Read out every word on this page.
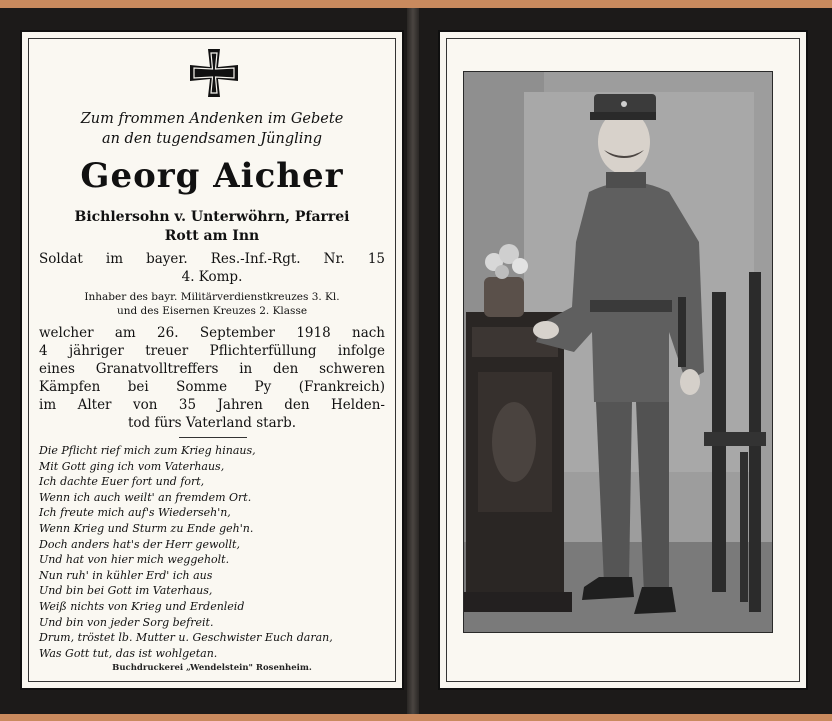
Zum frommen Andenken im Gebete
an den tugendsamen Jüngling
Georg Aicher
Bichlersohn v. Unterwöhrn, Pfarrei
Rott am Inn
Soldat im bayer. Res.-Inf.-Rgt. Nr. 15
4. Komp.
Inhaber des bayr. Militärverdienstkreuzes 3. Kl.
und des Eisernen Kreuzes 2. Klasse
welcher am 26. September 1918 nach
4 jähriger treuer Pflichterfüllung infolge
eines Granatvolltreffers in den schweren
Kämpfen bei Somme Py (Frankreich)
im Alter von 35 Jahren den Helden-
tod fürs Vaterland starb.
Die Pflicht rief mich zum Krieg hinaus,
Mit Gott ging ich vom Vaterhaus,
Ich dachte Euer fort und fort,
Wenn ich auch weilt' an fremdem Ort.
Ich freute mich auf's Wiederseh'n,
Wenn Krieg und Sturm zu Ende geh'n.
Doch anders hat's der Herr gewollt,
Und hat von hier mich weggeholt.
Nun ruh' in kühler Erd' ich aus
Und bin bei Gott im Vaterhaus,
Weiß nichts von Krieg und Erdenleid
Und bin von jeder Sorg befreit.
Drum, tröstet lb. Mutter u. Geschwister Euch daran,
Was Gott tut, das ist wohlgetan.
Buchdruckerei „Wendelstein" Rosenheim.
